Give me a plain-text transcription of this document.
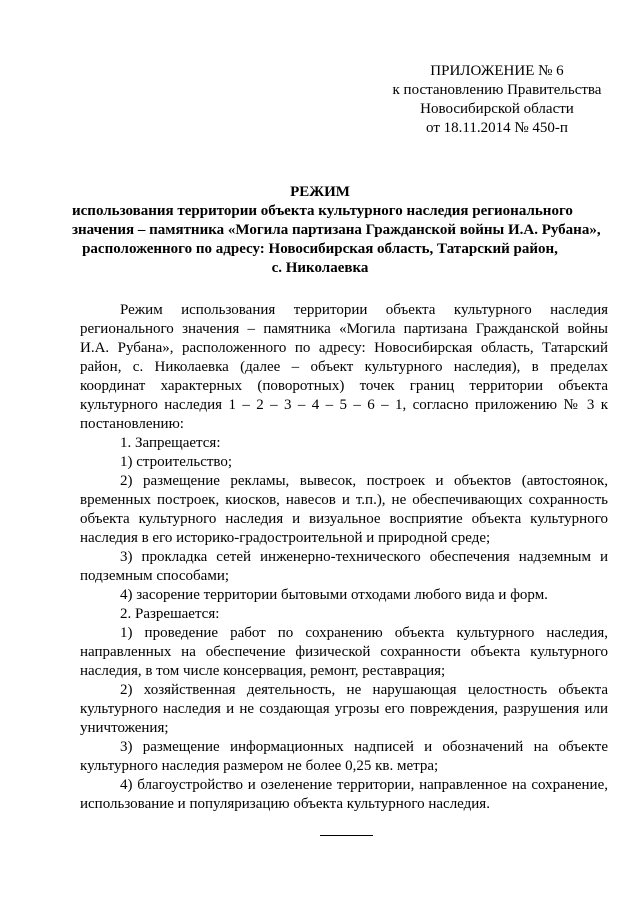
ПРИЛОЖЕНИЕ № 6
к постановлению Правительства
Новосибирской области
от 18.11.2014 № 450-п
РЕЖИМ
использования территории объекта культурного наследия регионального
значения – памятника «Могила партизана Гражданской войны И.А. Рубана»,
расположенного по адресу: Новосибирская область, Татарский район,
с. Николаевка

Режим использования территории объекта культурного наследия регионального значения – памятника «Могила партизана Гражданской войны И.А. Рубана», расположенного по адресу: Новосибирская область, Татарский район, с. Николаевка (далее – объект культурного наследия), в пределах координат характерных (поворотных) точек границ территории объекта культурного наследия 1 – 2 – 3 – 4 – 5 – 6 – 1, согласно приложению № 3 к постановлению:

1. Запрещается:

1) строительство;

2) размещение рекламы, вывесок, построек и объектов (автостоянок, временных построек, киосков, навесов и т.п.), не обеспечивающих сохранность объекта культурного наследия и визуальное восприятие объекта культурного наследия в его историко-градостроительной и природной среде;

3) прокладка сетей инженерно-технического обеспечения надземным и подземным способами;

4) засорение территории бытовыми отходами любого вида и форм.

2. Разрешается:

1) проведение работ по сохранению объекта культурного наследия, направленных на обеспечение физической сохранности объекта культурного наследия, в том числе консервация, ремонт, реставрация;

2) хозяйственная деятельность, не нарушающая целостность объекта культурного наследия и не создающая угрозы его повреждения, разрушения или уничтожения;

3) размещение информационных надписей и обозначений на объекте культурного наследия размером не более 0,25 кв. метра;

4) благоустройство и озеленение территории, направленное на сохранение, использование и популяризацию объекта культурного наследия.
